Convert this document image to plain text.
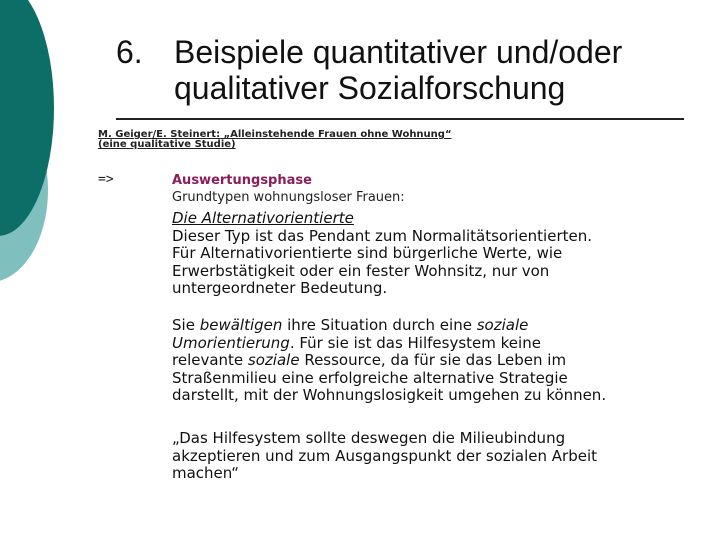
6. Beispiele quantitativer und/oder
qualitativer Sozialforschung
M. Geiger/E. Steinert: „Alleinstehende Frauen ohne Wohnung“
(eine qualitative Studie)
=>	Auswertungsphase
Grundtypen wohnungsloser Frauen:
Die Alternativorientierte
Dieser Typ ist das Pendant zum Normalitätsorientierten.
Für Alternativorientierte sind bürgerliche Werte, wie
Erwerbstätigkeit oder ein fester Wohnsitz, nur von
untergeordneter Bedeutung.
Sie bewältigen ihre Situation durch eine soziale
Umorientierung. Für sie ist das Hilfesystem keine
relevante soziale Ressource, da für sie das Leben im
Straßenmilieu eine erfolgreiche alternative Strategie
darstellt, mit der Wohnungslosigkeit umgehen zu können.
„Das Hilfesystem sollte deswegen die Milieubindung
akzeptieren und zum Ausgangspunkt der sozialen Arbeit
machen“
